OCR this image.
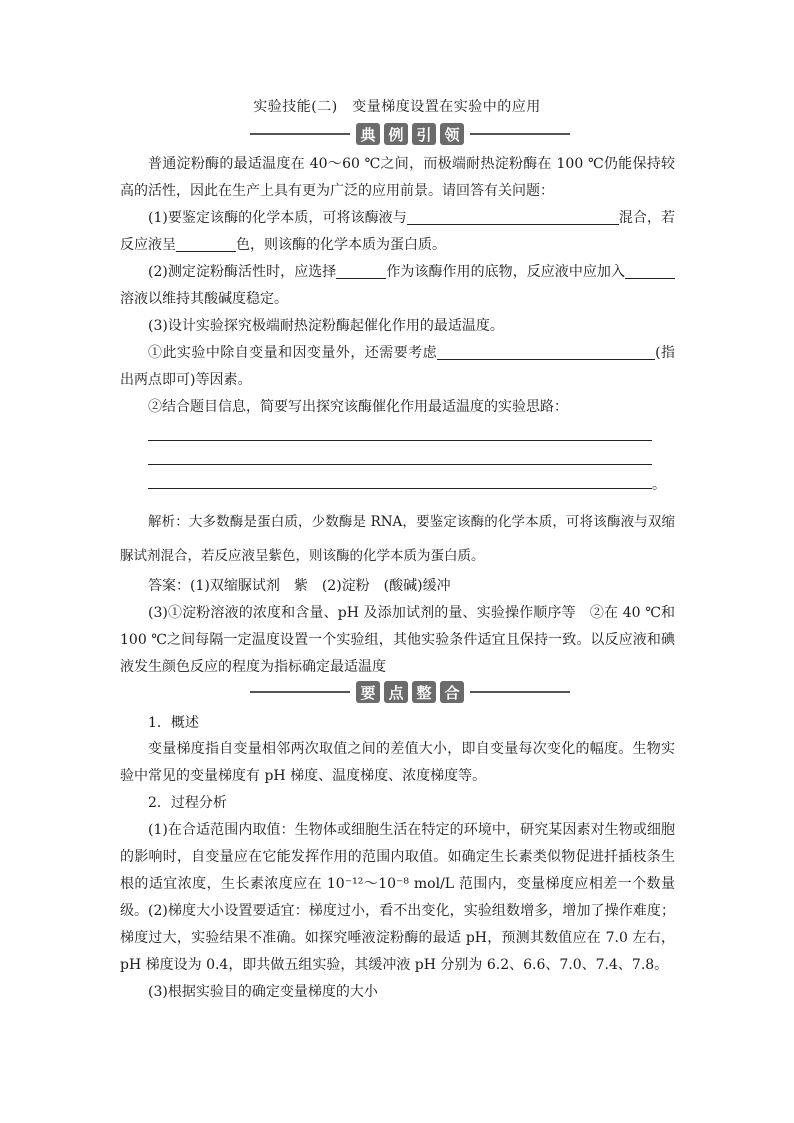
实验技能(二)　变量梯度设置在实验中的应用
典 例 引 领

普通淀粉酶的最适温度在 40～60 ℃之间，而极端耐热淀粉酶在 100 ℃仍能保持较高的活性，因此在生产上具有更为广泛的应用前景。请回答有关问题：

(1)要鉴定该酶的化学本质，可将该酶液与	混合，若反应液呈	色，则该酶的化学本质为蛋白质。

(2)测定淀粉酶活性时，应选择	作为该酶作用的底物，反应液中应加入溶液以维持其酸碱度稳定。

(3)设计实验探究极端耐热淀粉酶起催化作用的最适温度。

①此实验中除自变量和因变量外，还需要考虑	(指出两点即可)等因素。

②结合题目信息，简要写出探究该酶催化作用最适温度的实验思路：

。

解析：大多数酶是蛋白质，少数酶是 RNA，要鉴定该酶的化学本质，可将该酶液与双缩脲试剂混合，若反应液呈紫色，则该酶的化学本质为蛋白质。

答案：(1)双缩脲试剂　紫　(2)淀粉　(酸碱)缓冲

(3)①淀粉溶液的浓度和含量、pH 及添加试剂的量、实验操作顺序等　②在 40 ℃和 100 ℃之间每隔一定温度设置一个实验组，其他实验条件适宜且保持一致。以反应液和碘液发生颜色反应的程度为指标确定最适温度

要 点 整 合

1．概述

变量梯度指自变量相邻两次取值之间的差值大小，即自变量每次变化的幅度。生物实验中常见的变量梯度有 pH 梯度、温度梯度、浓度梯度等。

2．过程分析

(1)在合适范围内取值：生物体或细胞生活在特定的环境中，研究某因素对生物或细胞的影响时，自变量应在它能发挥作用的范围内取值。如确定生长素类似物促进扦插枝条生根的适宜浓度，生长素浓度应在 10⁻¹²～10⁻⁸ mol/L 范围内，变量梯度应相差一个数量级。 (2)梯度大小设置要适宜：梯度过小，看不出变化，实验组数增多，增加了操作难度；梯度过大，实验结果不准确。如探究唾液淀粉酶的最适 pH，预测其数值应在 7.0 左右，pH 梯度设为 0.4，即共做五组实验，其缓冲液 pH 分别为 6.2、6.6、7.0、7.4、7.8。

(3)根据实验目的确定变量梯度的大小
